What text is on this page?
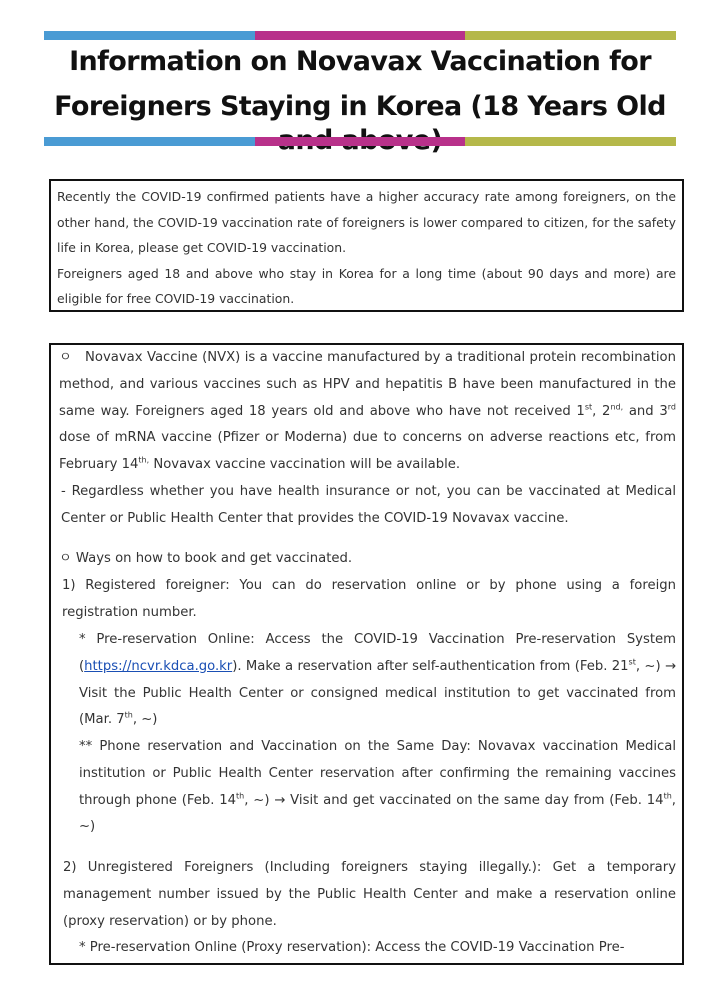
Information on Novavax Vaccination for
Foreigners Staying in Korea (18 Years Old

Recently the COVID-19 confirmed patients have a higher accuracy rate among foreigners, on the other hand, the COVID-19 vaccination rate of foreigners is lower compared to citizen, for the safety life in Korea, please get COVID-19 vaccination.

Foreigners aged 18 and above who stay in Korea for a long time (about 90 days and more) are eligible for free COVID-19 vaccination.

ㅇ Novavax Vaccine (NVX) is a vaccine manufactured by a traditional protein recombination method, and various vaccines such as HPV and hepatitis B have been manufactured in the same way. Foreigners aged 18 years old and above who have not received 1st, $2^{nd,}$ and 3rd dose of mRNA vaccine (Pfizer or Moderna) due to concerns on adverse reactions etc, from February $14^{th,}$ Novavax vaccine vaccination will be available.

- Regardless whether you have health insurance or not, you can be vaccinated at Medical Center or Public Health Center that provides the COVID-19 Novavax vaccine.

ㅇ Ways on how to book and get vaccinated.

1) Registered foreigner: You can do reservation online or by phone using a foreign registration number.

* Pre-reservation Online: Access the COVID-19 Vaccination Pre-reservation System (https://ncvr.kdca.go.kr). Make a reservation after self-authentication from (Feb. 21st, ~) → Visit the Public Health Center or consigned medical institution to get vaccinated from (Mar. 7th, ~)

** Phone reservation and Vaccination on the Same Day: Novavax vaccination Medical institution or Public Health Center reservation after confirming the remaining vaccines through phone (Feb. 14th, ~) → Visit and get vaccinated on the same day from (Feb. 14th, ~)

2) Unregistered Foreigners (Including foreigners staying illegally.): Get a temporary management number issued by the Public Health Center and make a reservation online (proxy reservation) or by phone.

* Pre-reservation Online (Proxy reservation): Access the COVID-19 Vaccination Pre-
